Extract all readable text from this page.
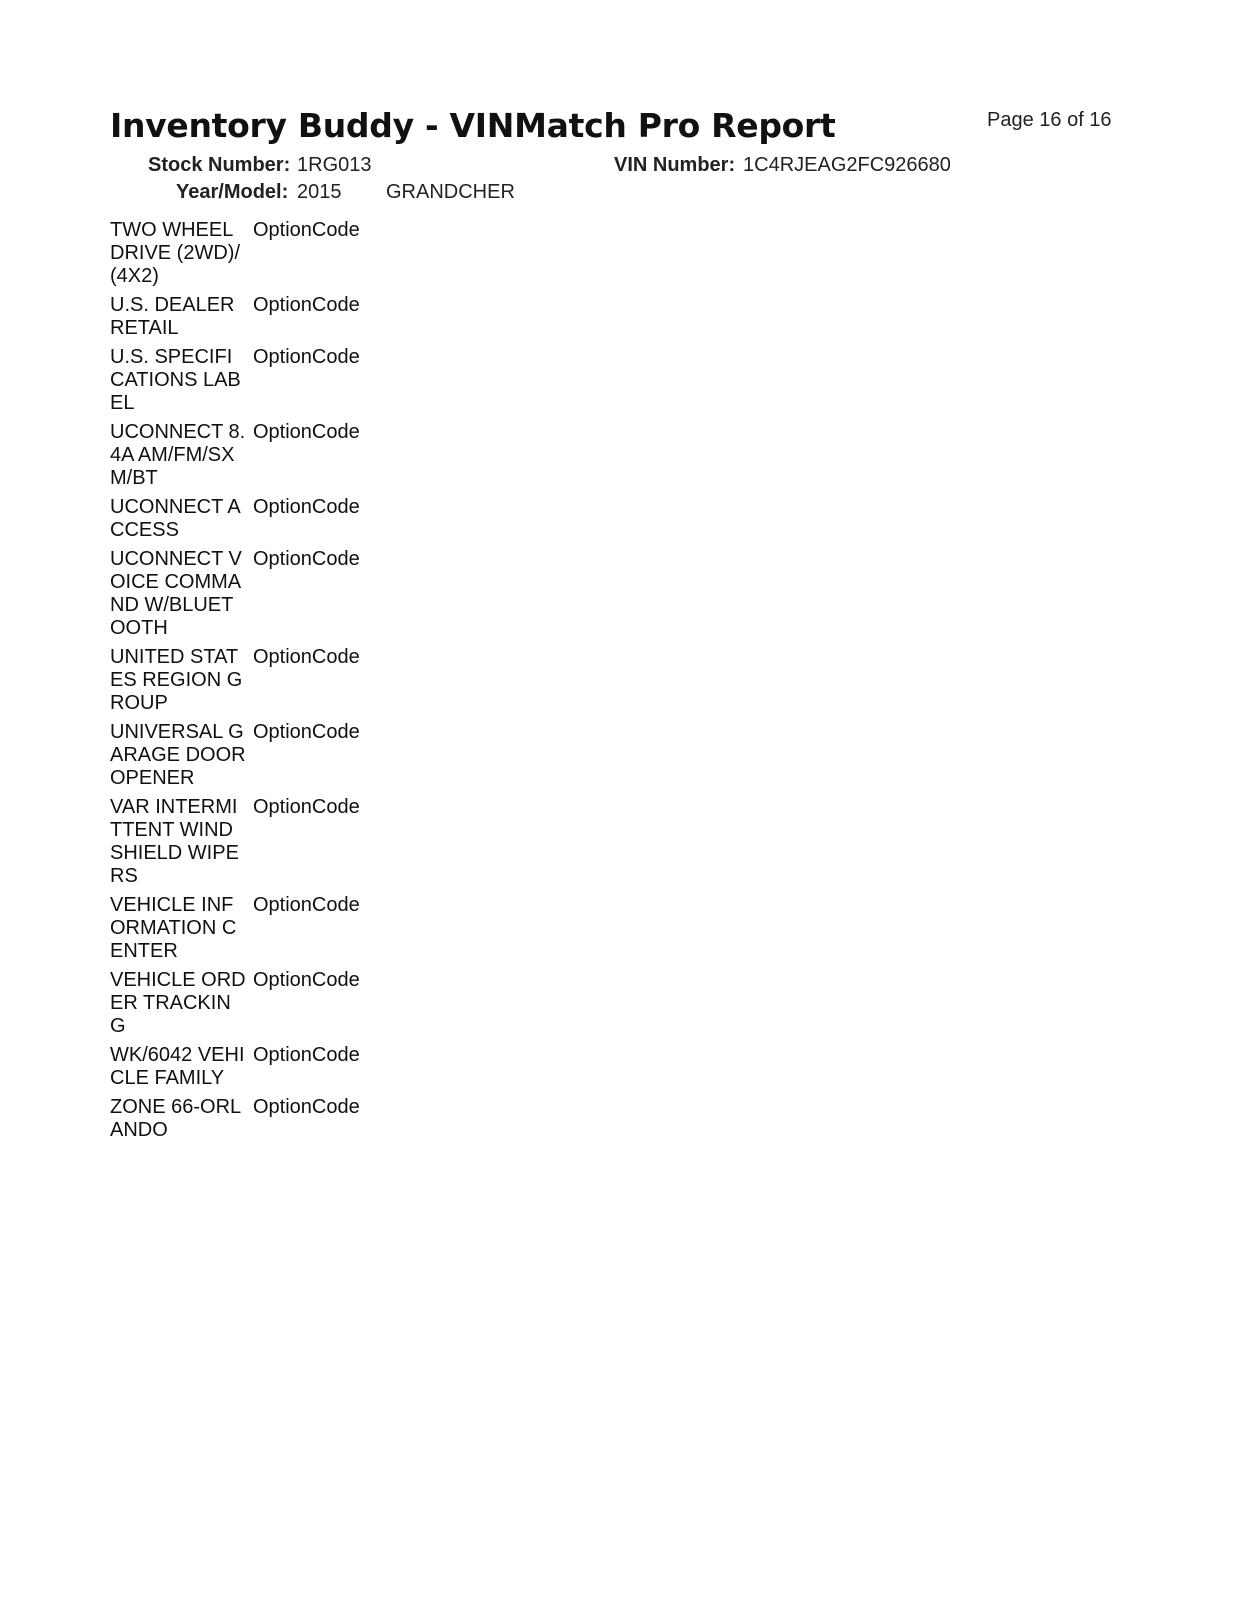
Inventory Buddy - VINMatch Pro Report	Page 16 of 16
Stock Number: 1RG013	VIN Number: 1C4RJEAG2FC926680
Year/Model: 2015 GRANDCHER
TWO WHEEL DRIVE (2WD)/(4X2)
OptionCode
U.S. DEALER RETAIL
OptionCode
U.S. SPECIFICATIONS LABEL
OptionCode
UCONNECT 8.4A AM/FM/SXM/BT
OptionCode
UCONNECT ACCESS
OptionCode
UCONNECT VOICE COMMAND W/BLUETOOTH
OptionCode
UNITED STATES REGION GROUP
OptionCode
UNIVERSAL GARAGE DOOR OPENER
OptionCode
VAR INTERMITTENT WINDSHIELD WIPERS
OptionCode
VEHICLE INFORMATION CENTER
OptionCode
VEHICLE ORDER TRACKING
OptionCode
WK/6042 VEHICLE FAMILY
OptionCode
ZONE 66-ORLANDO
OptionCode
